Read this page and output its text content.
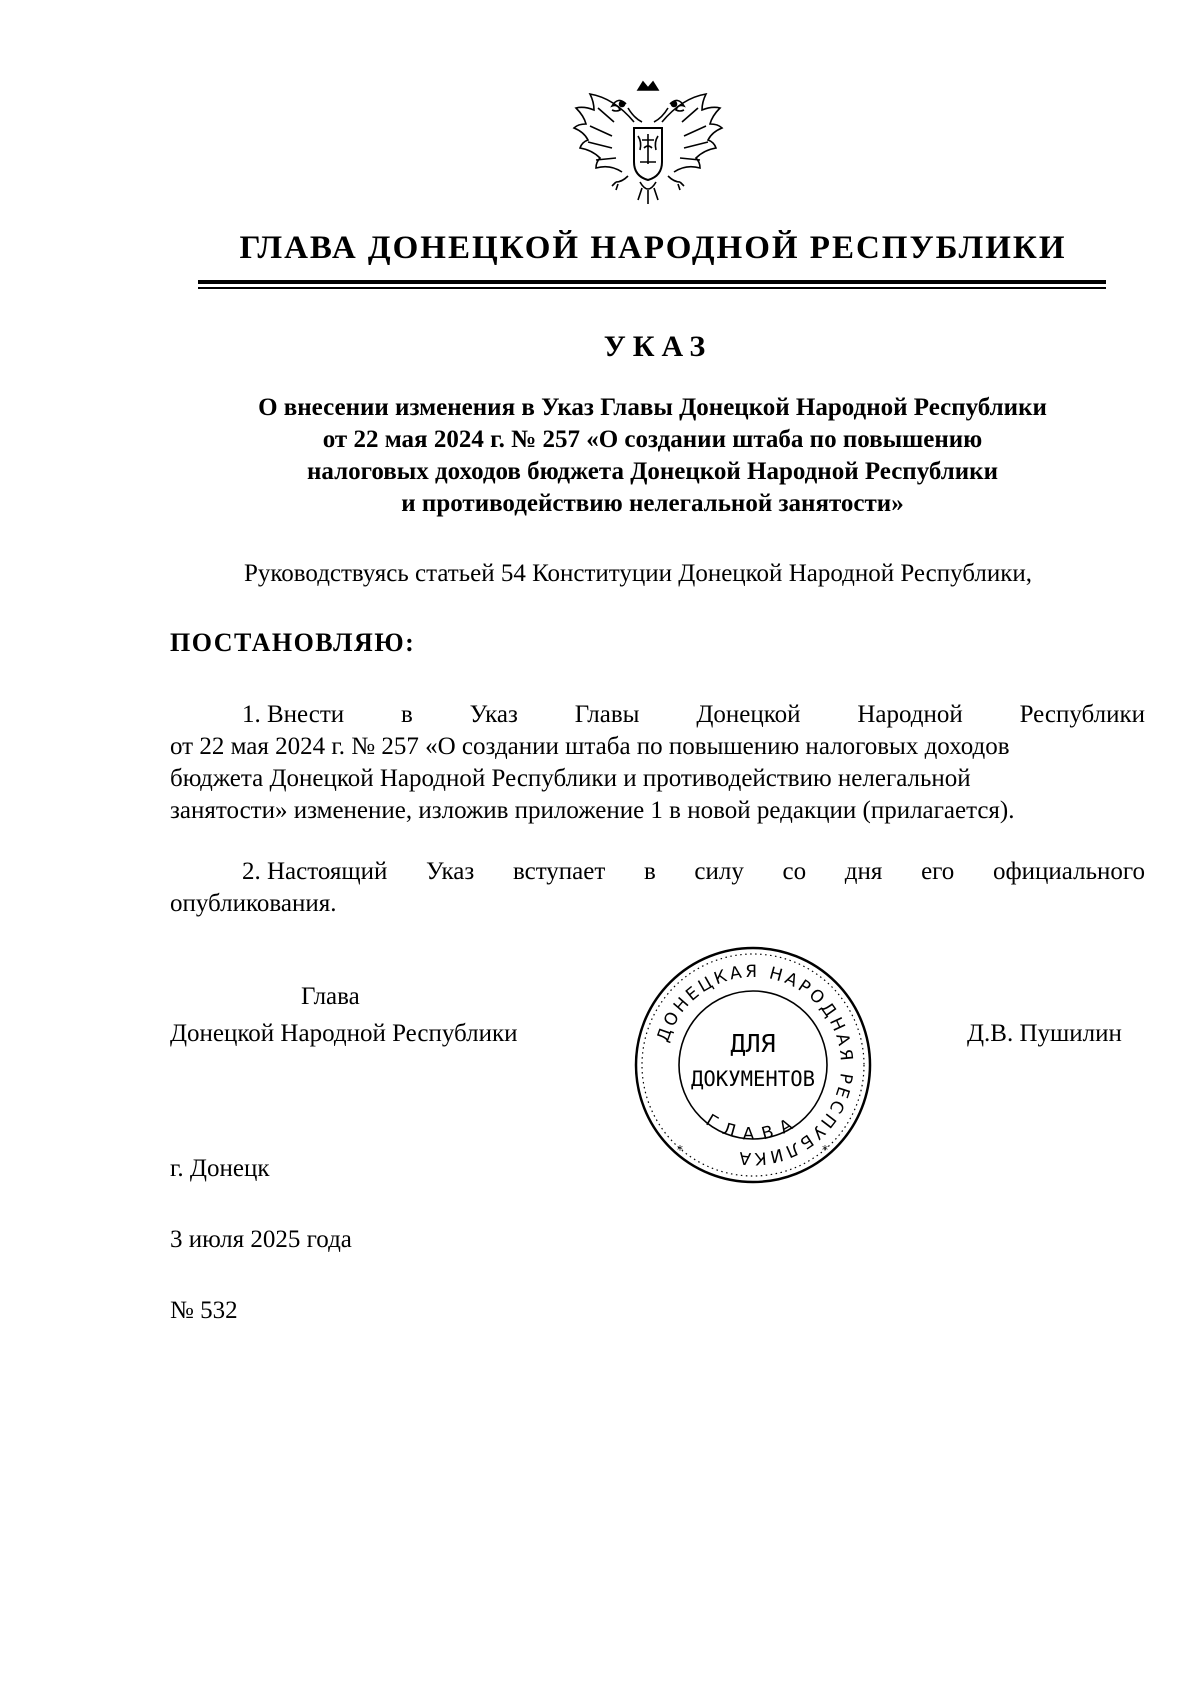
ГЛАВА ДОНЕЦКОЙ НАРОДНОЙ РЕСПУБЛИКИ
УКАЗ
О внесении изменения в Указ Главы Донецкой Народной Республики
от 22 мая 2024 г. № 257 «О создании штаба по повышению
налоговых доходов бюджета Донецкой Народной Республики
и противодействию нелегальной занятости»
Руководствуясь статьей 54 Конституции Донецкой Народной Республики,
ПОСТАНОВЛЯЮ:
1. Внести в Указ Главы Донецкой Народной Республики
от 22 мая 2024 г. № 257 «О создании штаба по повышению налоговых доходов
бюджета Донецкой Народной Республики и противодействию нелегальной
занятости» изменение, изложив приложение 1 в новой редакции (прилагается).
2. Настоящий Указ вступает в силу со дня его официального
опубликования.
Глава
Донецкой Народной Республики	Д.В. Пушилин
ДОНЕЦКАЯ НАРОДНАЯ РЕСПУБЛИКА
ГЛАВА
ДЛЯ
ДОКУМЕНТОВ
*	*
г. Донецк
3 июля 2025 года
№ 532
